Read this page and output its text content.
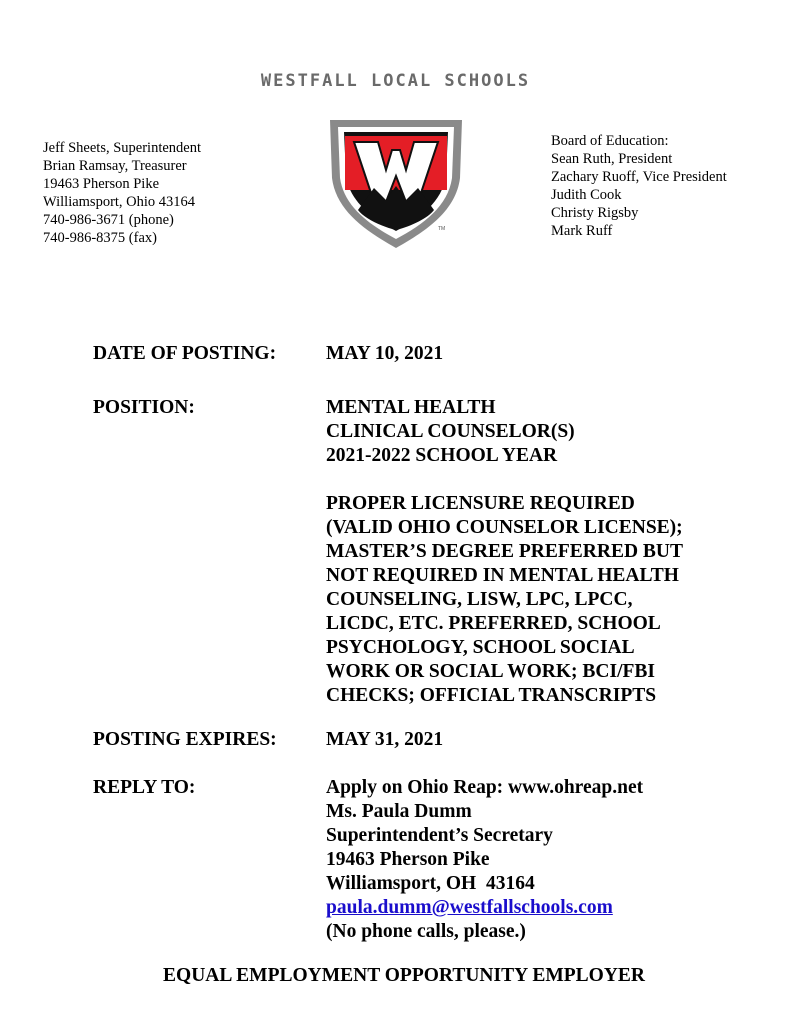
WESTFALL LOCAL SCHOOLS
Jeff Sheets, Superintendent
Brian Ramsay, Treasurer
19463 Pherson Pike
Williamsport, Ohio 43164
740-986-3671 (phone)
740-986-8375 (fax)
TM
Board of Education:
Sean Ruth, President
Zachary Ruoff, Vice President
Judith Cook
Christy Rigsby
Mark Ruff
DATE OF POSTING:	MAY 10, 2021
POSITION:	MENTAL HEALTH
CLINICAL COUNSELOR(S)
2021-2022 SCHOOL YEAR
PROPER LICENSURE REQUIRED
(VALID OHIO COUNSELOR LICENSE);
MASTER’S DEGREE PREFERRED BUT
NOT REQUIRED IN MENTAL HEALTH
COUNSELING, LISW, LPC, LPCC,
LICDC, ETC. PREFERRED, SCHOOL
PSYCHOLOGY, SCHOOL SOCIAL
WORK OR SOCIAL WORK; BCI/FBI
CHECKS; OFFICIAL TRANSCRIPTS
POSTING EXPIRES:	MAY 31, 2021
REPLY TO:	Apply on Ohio Reap: www.ohreap.net
Ms. Paula Dumm
Superintendent’s Secretary
19463 Pherson Pike
Williamsport, OH  43164
paula.dumm@westfallschools.com
(No phone calls, please.)
EQUAL EMPLOYMENT OPPORTUNITY EMPLOYER
